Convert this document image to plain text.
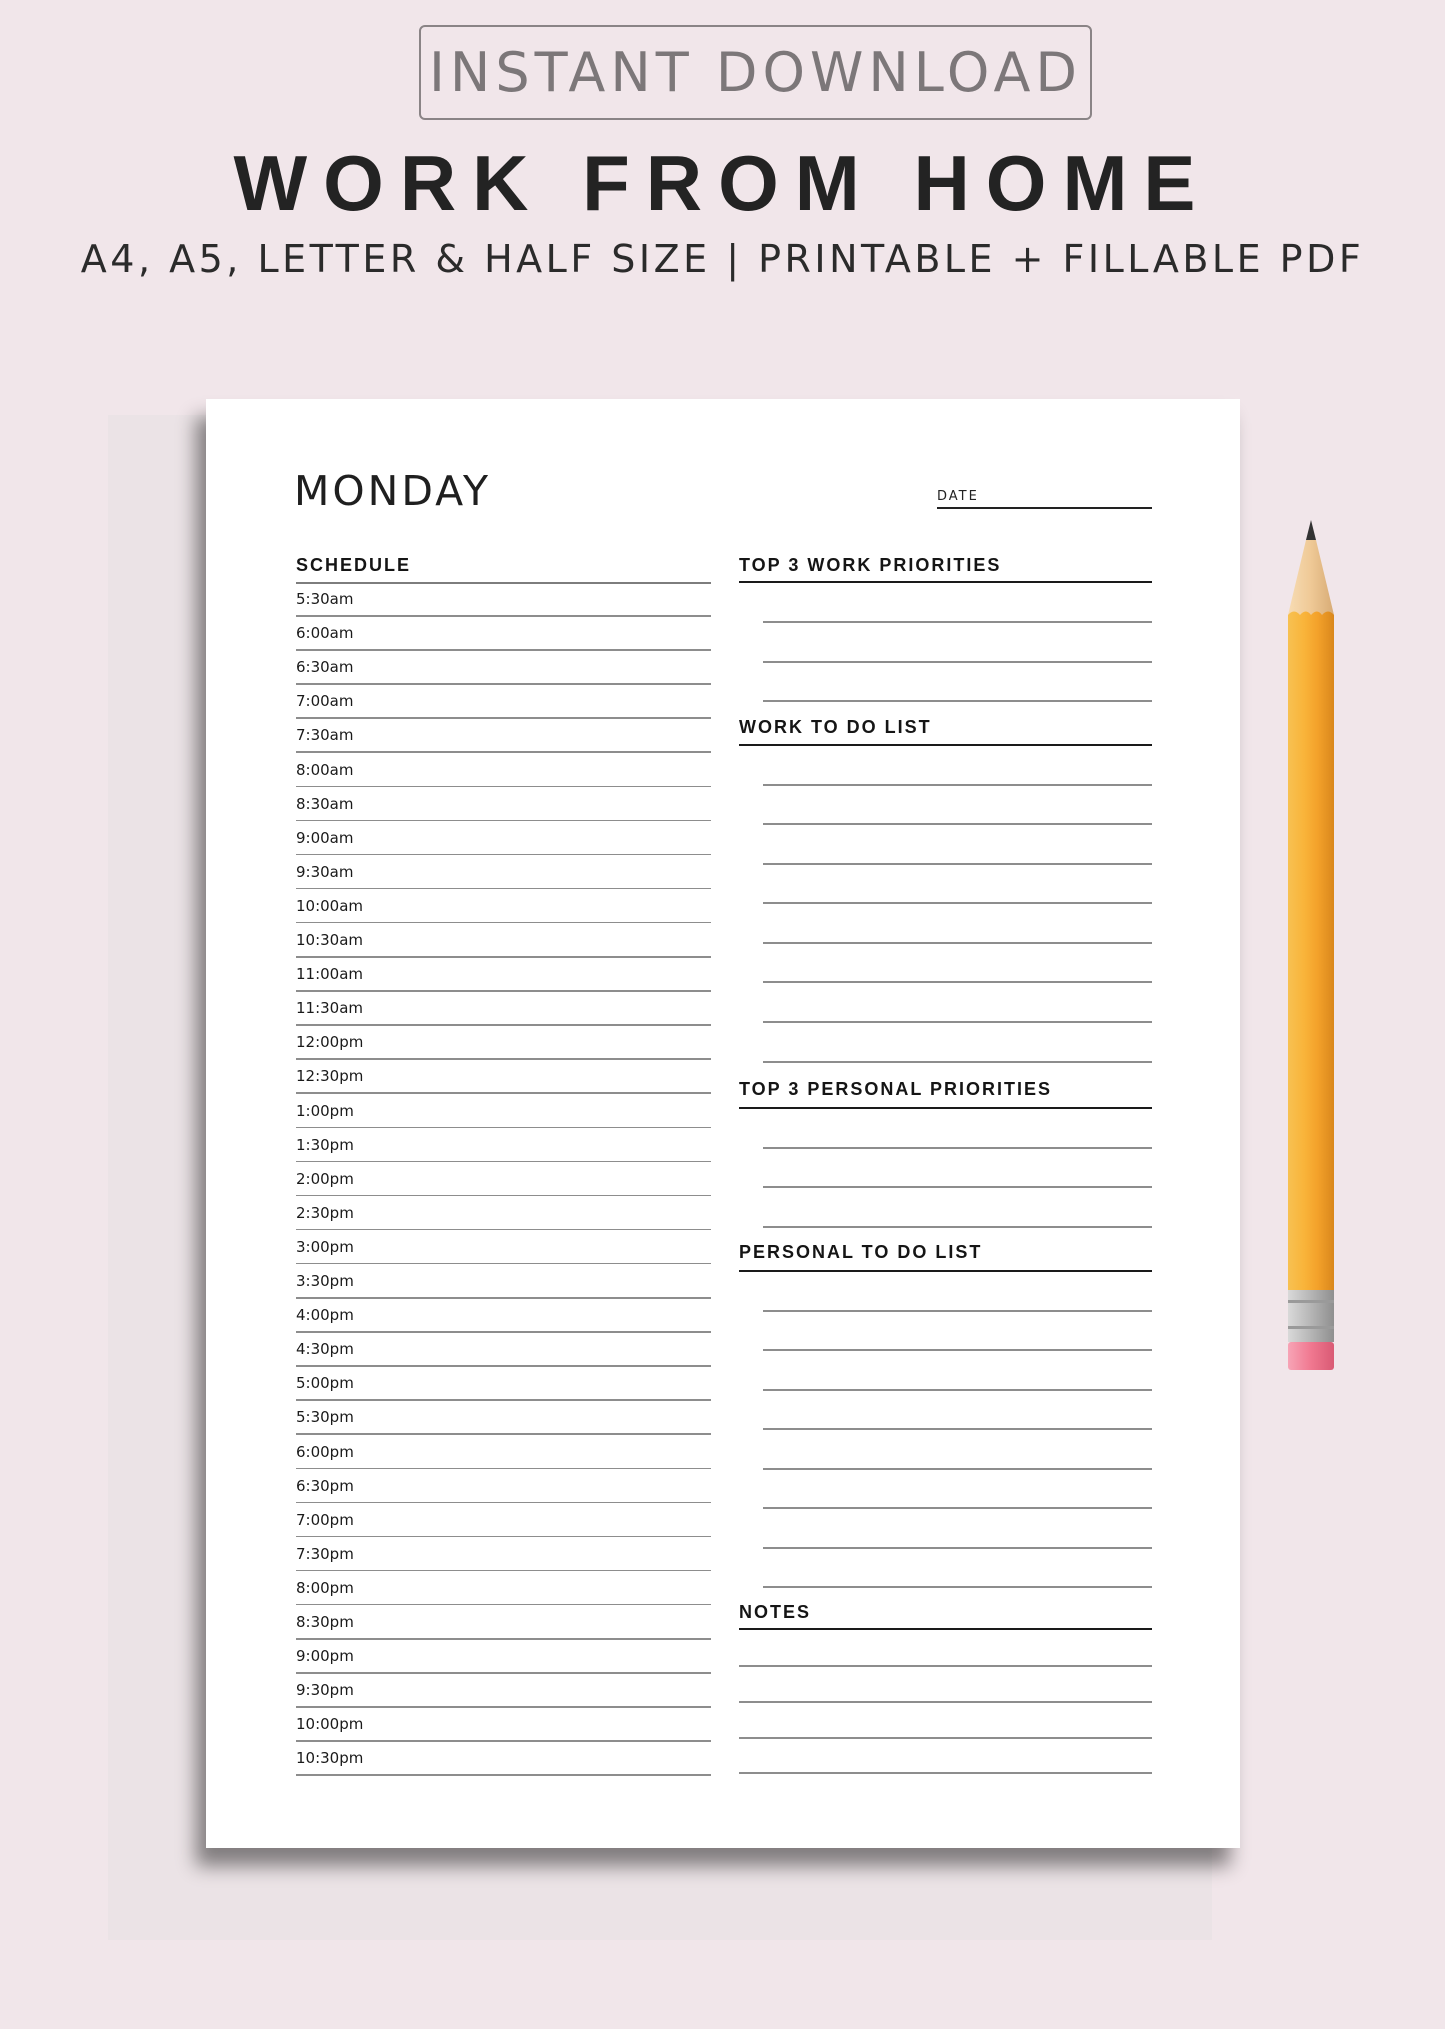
INSTANT DOWNLOAD
WORK FROM HOME
A4, A5, LETTER & HALF SIZE | PRINTABLE + FILLABLE PDF
MONDAY	DATE
SCHEDULE
5:30am
6:00am
6:30am
7:00am
7:30am
8:00am
8:30am
9:00am
9:30am
10:00am
10:30am
11:00am
11:30am
12:00pm
12:30pm
1:00pm
1:30pm
2:00pm
2:30pm
3:00pm
3:30pm
4:00pm
4:30pm
5:00pm
5:30pm
6:00pm
6:30pm
7:00pm
7:30pm
8:00pm
8:30pm
9:00pm
9:30pm
10:00pm
10:30pm
TOP 3 WORK PRIORITIES
WORK TO DO LIST
TOP 3 PERSONAL PRIORITIES
PERSONAL TO DO LIST
NOTES
